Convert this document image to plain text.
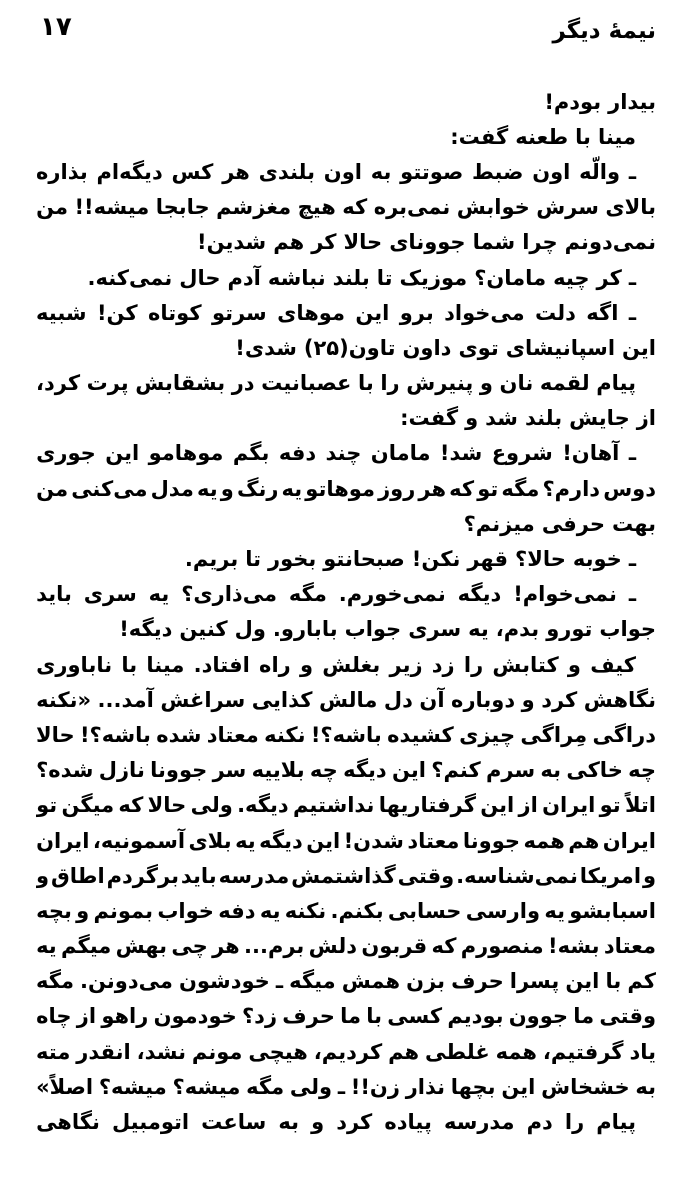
۱۷	نیمهٔ دیگر
بیدار
بودم!
مینا
با
طعنه
گفت:
ـ
والّه
اون
ضبط
صوتتو
به
اون
بلندی
هر
کس
دیگه‌ام
بذاره
بالای
سرش
خوابش
نمی‌بره
که
هیچ
مغزشم
جابجا
میشه!!
من
نمی‌دونم
چرا
شما
جوونای
حالا
کر
هم
شدین!
ـ
کر
چیه
مامان؟
موزیک
تا
بلند
نباشه
آدم
حال
نمی‌کنه.
ـ
اگه
دلت
می‌خواد
برو
این
موهای
سرتو
کوتاه
کن!
شبیه
این
اسپانیشای
توی
داون
تاون(۲۵)
شدی!
پیام
لقمه
نان
و
پنیرش
را
با
عصبانیت
در
بشقابش
پرت
کرد،
از
جایش
بلند
شد
و
گفت:
ـ
آهان!
شروع
شد!
مامان
چند
دفه
بگم
موهامو
این
جوری
دوس
دارم؟
مگه
تو
که
هر
روز
موهاتو
یه
رنگ
و
یه
مدل
می‌کنی
من
بهت
حرفی
میزنم؟
ـ
خوبه
حالا؟
قهر
نکن!
صبحانتو
بخور
تا
بریم.
ـ
نمی‌خوام!
دیگه
نمی‌خورم.
مگه
می‌ذاری؟
یه
سری
باید
جواب
تورو
بدم،
یه
سری
جواب
بابارو.
ول
کنین
دیگه!
کیف
و
کتابش
را
زد
زیر
بغلش
و
راه
افتاد.
مینا
با
ناباوری
نگاهش
کرد
و
دوباره
آن
دل
مالش
کذایی
سراغش
آمد...
«نکنه
دراگی
مِراگی
چیزی
کشیده
باشه؟!
نکنه
معتاد
شده
باشه؟!
حالا
چه
خاکی
به
سرم
کنم؟
این
دیگه
چه
بلاییه
سر
جوونا
نازل
شده؟
اتلاً
تو
ایران
از
این
گرفتاریها
نداشتیم
دیگه.
ولی
حالا
که
میگن
تو
ایران
هم
همه
جوونا
معتاد
شدن!
این
دیگه
یه
بلای
آسمونیه،
ایران
و
امریکا
نمی‌شناسه.
وقتی
گذاشتمش
مدرسه
باید
برگردم
اطاق
و
اسبابشو
یه
وارسی
حسابی
بکنم.
نکنه
یه
دفه
خواب
بمونم
و
بچه
معتاد
بشه!
منصورم
که
قربون
دلش
برم...
هر
چی
بهش
میگم
یه
کم
با
این
پسرا
حرف
بزن
همش
میگه
ـ
خودشون
می‌دونن.
مگه
وقتی
ما
جوون
بودیم
کسی
با
ما
حرف
زد؟
خودمون
راهو
از
چاه
یاد
گرفتیم،
همه
غلطی
هم
کردیم،
هیچی
مونم
نشد،
انقدر
مته
به
خشخاش
این
بچها
نذار
زن!!
ـ
ولی
مگه
میشه؟
میشه؟
اصلاً»
پیام
را
دم
مدرسه
پیاده
کرد
و
به
ساعت
اتومبیل
نگاهی
